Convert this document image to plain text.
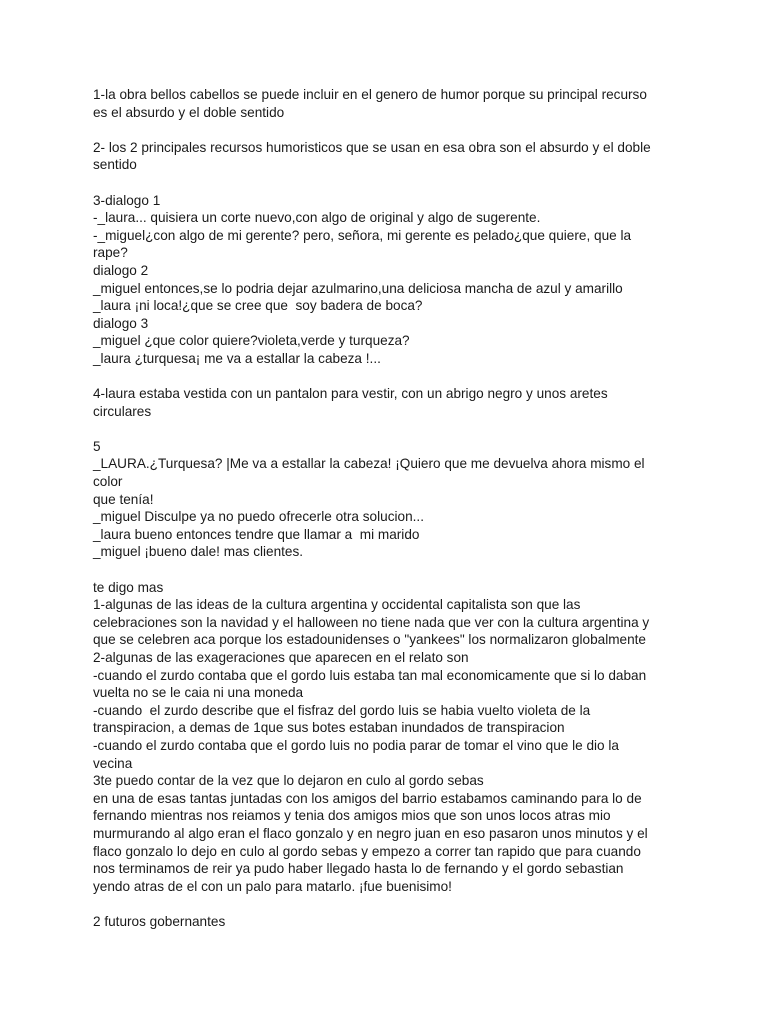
1-la obra bellos cabellos se puede incluir en el genero de humor porque su principal recurso
es el absurdo y el doble sentido
2- los 2 principales recursos humoristicos que se usan en esa obra son el absurdo y el doble
sentido
3-dialogo 1
-_laura... quisiera un corte nuevo,con algo de original y algo de sugerente.
-_miguel¿con algo de mi gerente? pero, señora, mi gerente es pelado¿que quiere, que la
rape?
dialogo 2
_miguel entonces,se lo podria dejar azulmarino,una deliciosa mancha de azul y amarillo
_laura ¡ni loca!¿que se cree que  soy badera de boca?
dialogo 3
_miguel ¿que color quiere?violeta,verde y turqueza?
_laura ¿turquesa¡ me va a estallar la cabeza !...
4-laura estaba vestida con un pantalon para vestir, con un abrigo negro y unos aretes
circulares
5
_LAURA.¿Turquesa? |Me va a estallar la cabeza! ¡Quiero que me devuelva ahora mismo el
color
que tenía!
_miguel Disculpe ya no puedo ofrecerle otra solucion...
_laura bueno entonces tendre que llamar a  mi marido
_miguel ¡bueno dale! mas clientes.
te digo mas
1-algunas de las ideas de la cultura argentina y occidental capitalista son que las
celebraciones son la navidad y el halloween no tiene nada que ver con la cultura argentina y
que se celebren aca porque los estadounidenses o "yankees" los normalizaron globalmente
2-algunas de las exageraciones que aparecen en el relato son
-cuando el zurdo contaba que el gordo luis estaba tan mal economicamente que si lo daban
vuelta no se le caia ni una moneda
-cuando  el zurdo describe que el fisfraz del gordo luis se habia vuelto violeta de la
transpiracion, a demas de 1que sus botes estaban inundados de transpiracion
-cuando el zurdo contaba que el gordo luis no podia parar de tomar el vino que le dio la
vecina
3te puedo contar de la vez que lo dejaron en culo al gordo sebas
en una de esas tantas juntadas con los amigos del barrio estabamos caminando para lo de
fernando mientras nos reiamos y tenia dos amigos mios que son unos locos atras mio
murmurando al algo eran el flaco gonzalo y en negro juan en eso pasaron unos minutos y el
flaco gonzalo lo dejo en culo al gordo sebas y empezo a correr tan rapido que para cuando
nos terminamos de reir ya pudo haber llegado hasta lo de fernando y el gordo sebastian
yendo atras de el con un palo para matarlo. ¡fue buenisimo!
2 futuros gobernantes
